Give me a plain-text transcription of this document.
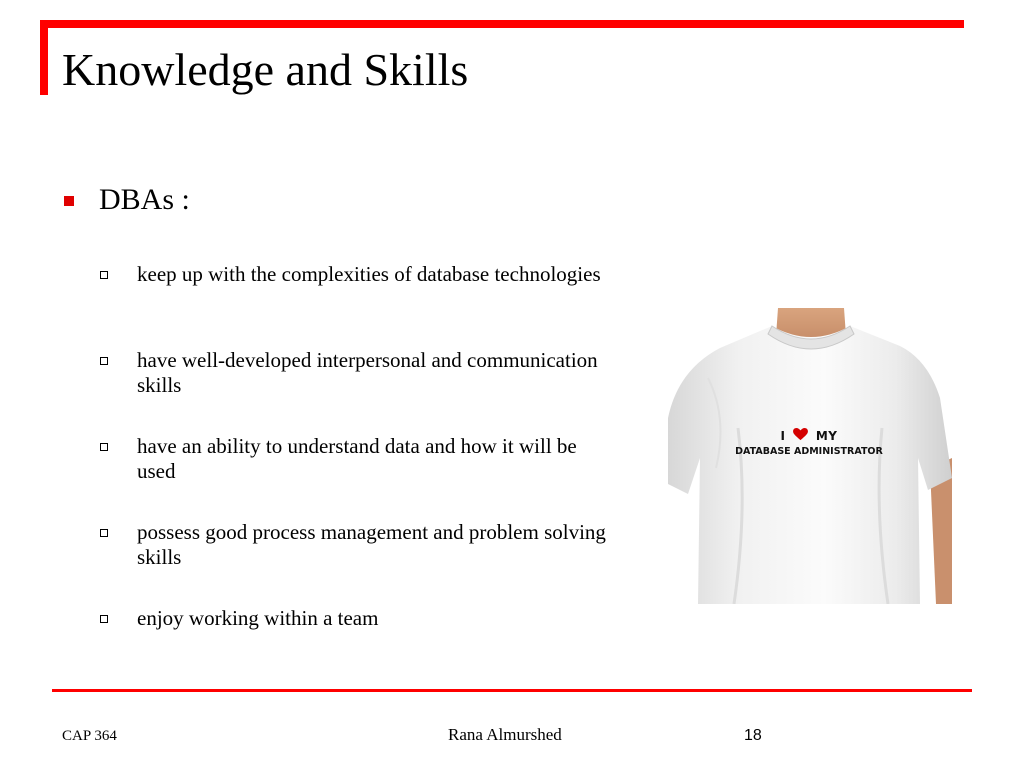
Knowledge and Skills
DBAs :
keep up with the complexities of database technologies
have well-developed interpersonal and communication skills
have an ability to understand data and how it will be used
possess good process management and problem solving skills
enjoy working within a team
I	MY
DATABASE ADMINISTRATOR
CAP 364	Rana Almurshed	18
